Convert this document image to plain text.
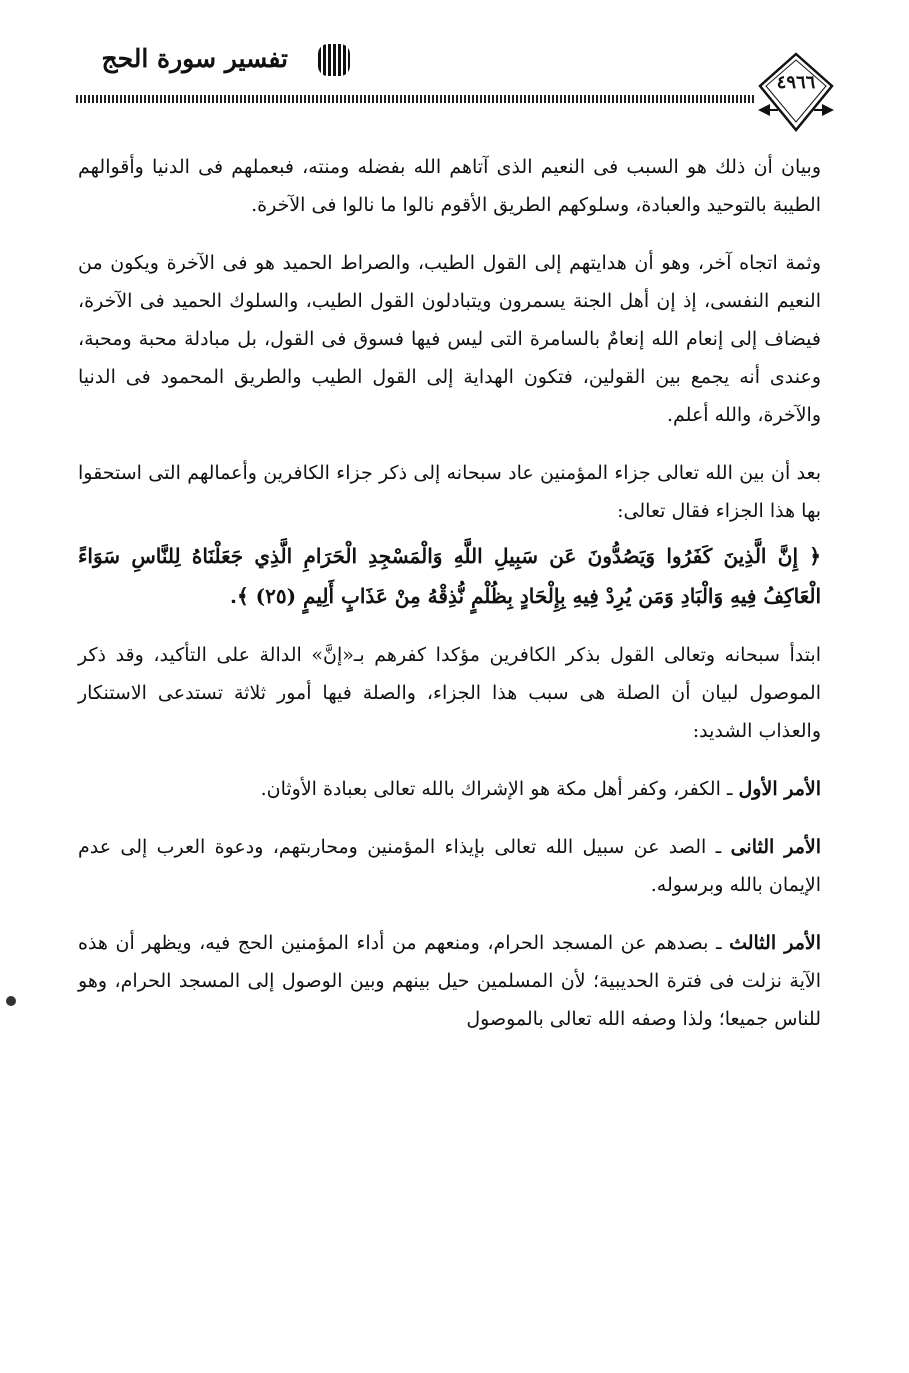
تفسير سورة الحج
٤٩٦٦

وبيان أن ذلك هو السبب فى النعيم الذى آتاهم الله بفضله ومنته، فبعملهم فى الدنيا وأقوالهم الطيبة بالتوحيد والعبادة، وسلوكهم الطريق الأقوم نالوا ما نالوا فى الآخرة.

وثمة اتجاه آخر، وهو أن هدايتهم إلى القول الطيب، والصراط الحميد هو فى الآخرة ويكون من النعيم النفسى، إذ إن أهل الجنة يسمرون ويتبادلون القول الطيب، والسلوك الحميد فى الآخرة، فيضاف إلى إنعام الله إنعامٌ بالسامرة التى ليس فيها فسوق فى القول، بل مبادلة محبة ومحبة، وعندى أنه يجمع بين القولين، فتكون الهداية إلى القول الطيب والطريق المحمود فى الدنيا والآخرة، والله أعلم.

بعد أن بين الله تعالى جزاء المؤمنين عاد سبحانه إلى ذكر جزاء الكافرين وأعمالهم التى استحقوا بها هذا الجزاء فقال تعالى:

﴿ إِنَّ الَّذِينَ كَفَرُوا وَيَصُدُّونَ عَن سَبِيلِ اللَّهِ وَالْمَسْجِدِ الْحَرَامِ الَّذِي جَعَلْنَاهُ لِلنَّاسِ سَوَاءً الْعَاكِفُ فِيهِ وَالْبَادِ وَمَن يُرِدْ فِيهِ بِإِلْحَادٍ بِظُلْمٍ نُّذِقْهُ مِنْ عَذَابٍ أَلِيمٍ (٢٥) ﴾.

ابتدأ سبحانه وتعالى القول بذكر الكافرين مؤكدا كفرهم بـ«إنَّ» الدالة على التأكيد، وقد ذكر الموصول لبيان أن الصلة هى سبب هذا الجزاء، والصلة فيها أمور ثلاثة تستدعى الاستنكار والعذاب الشديد:

الأمر الأول ـ الكفر، وكفر أهل مكة هو الإشراك بالله تعالى بعبادة الأوثان.

الأمر الثانى ـ الصد عن سبيل الله تعالى بإيذاء المؤمنين ومحاربتهم، ودعوة العرب إلى عدم الإيمان بالله وبرسوله.

الأمر الثالث ـ بصدهم عن المسجد الحرام، ومنعهم من أداء المؤمنين الحج فيه، ويظهر أن هذه الآية نزلت فى فترة الحديبية؛ لأن المسلمين حيل بينهم وبين الوصول إلى المسجد الحرام، وهو للناس جميعا؛ ولذا وصفه الله تعالى بالموصول
